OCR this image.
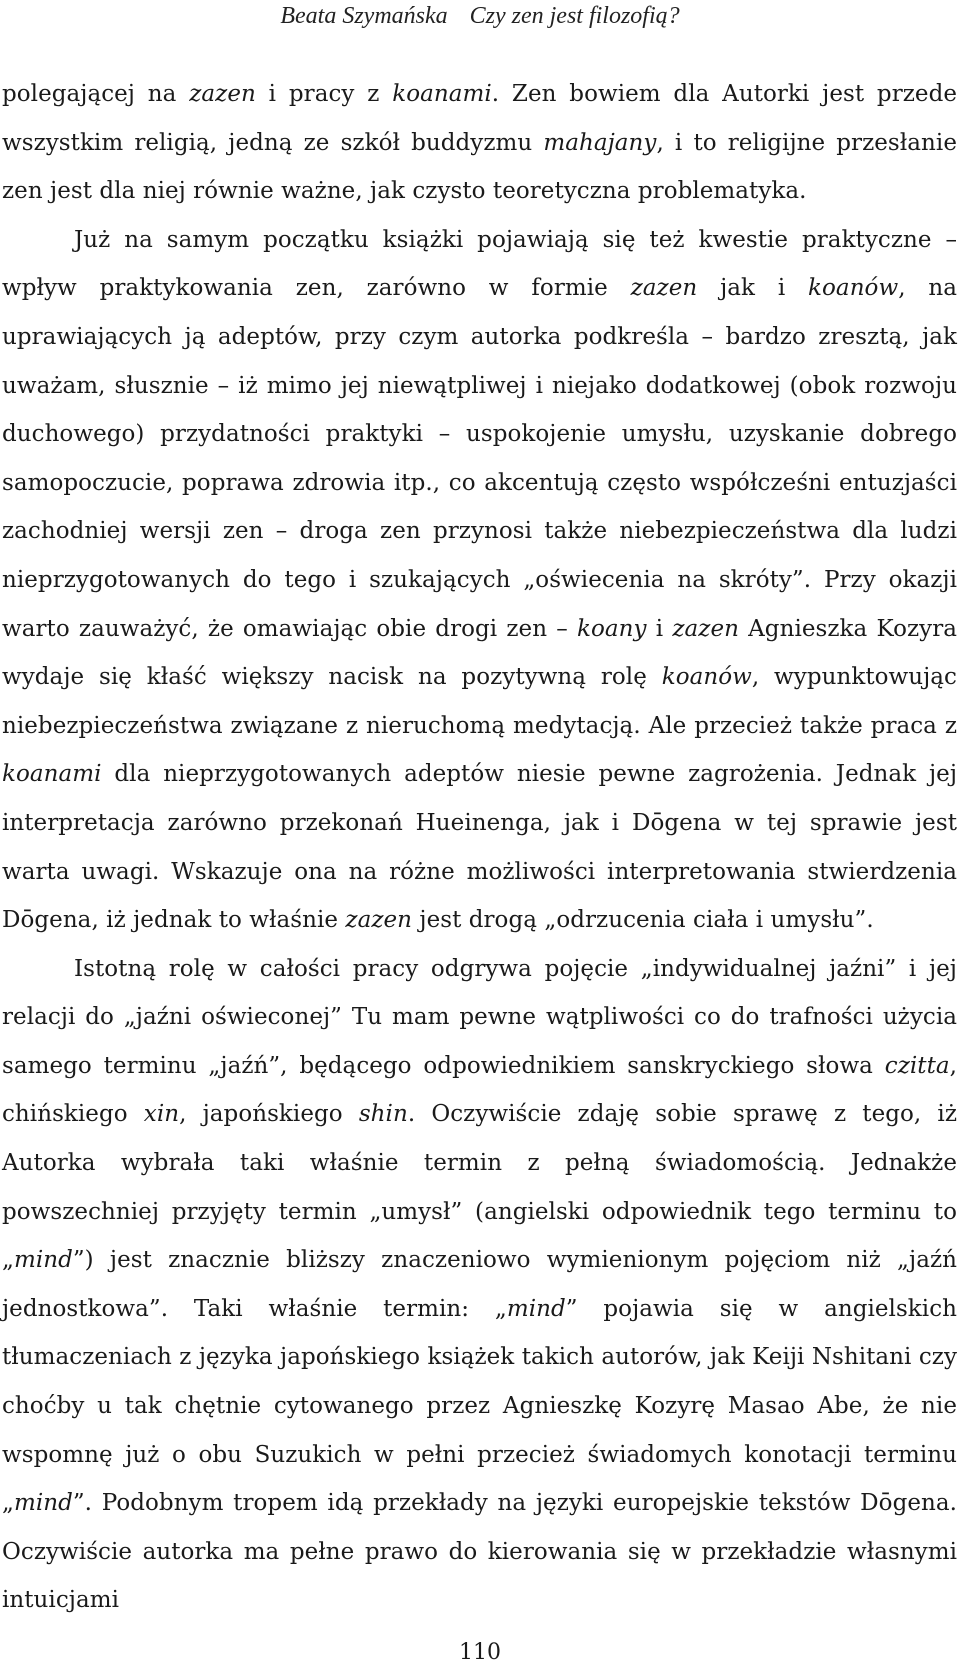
Beata Szymańska Czy zen jest filozofią?

polegającej na zazen i pracy z koanami. Zen bowiem dla Autorki jest przede wszystkim religią, jedną ze szkół buddyzmu mahajany, i to religijne przesłanie zen jest dla niej równie ważne, jak czysto teoretyczna problematyka.

Już na samym początku książki pojawiają się też kwestie praktyczne – wpływ praktykowania zen, zarówno w formie zazen jak i koanów, na uprawiających ją adeptów, przy czym autorka podkreśla – bardzo zresztą, jak uważam, słusznie – iż mimo jej niewątpliwej i niejako dodatkowej (obok rozwoju duchowego) przydatności praktyki – uspokojenie umysłu, uzyskanie dobrego samopoczucie, poprawa zdrowia itp., co akcentują często współcześni entuzjaści zachodniej wersji zen – droga zen przynosi także niebezpieczeństwa dla ludzi nieprzygotowanych do tego i szukających „oświecenia na skróty”. Przy okazji warto zauważyć, że omawiając obie drogi zen – koany i zazen Agnieszka Kozyra wydaje się kłaść większy nacisk na pozytywną rolę koanów, wypunktowując niebezpieczeństwa związane z nieruchomą medytacją. Ale przecież także praca z koanami dla nieprzygotowanych adeptów niesie pewne zagrożenia. Jednak jej interpretacja zarówno przekonań Hueinenga, jak i Dōgena w tej sprawie jest warta uwagi. Wskazuje ona na różne możliwości interpretowania stwierdzenia Dōgena, iż jednak to właśnie zazen jest drogą „odrzucenia ciała i umysłu”.

Istotną rolę w całości pracy odgrywa pojęcie „indywidualnej jaźni” i jej relacji do „jaźni oświeconej” Tu mam pewne wątpliwości co do trafności użycia samego terminu „jaźń”, będącego odpowiednikiem sanskryckiego słowa czitta, chińskiego xin, japońskiego shin. Oczywiście zdaję sobie sprawę z tego, iż Autorka wybrała taki właśnie termin z pełną świadomością. Jednakże powszechniej przyjęty termin „umysł” (angielski odpowiednik tego terminu to „mind”) jest znacznie bliższy znaczeniowo wymienionym pojęciom niż „jaźń jednostkowa”. Taki właśnie termin: „mind” pojawia się w angielskich tłumaczeniach z języka japońskiego książek takich autorów, jak Keiji Nshitani czy choćby u tak chętnie cytowanego przez Agnieszkę Kozyrę Masao Abe, że nie wspomnę już o obu Suzukich w pełni przecież świadomych konotacji terminu „mind”. Podobnym tropem idą przekłady na języki europejskie tekstów Dōgena. Oczywiście autorka ma pełne prawo do kierowania się w przekładzie własnymi intuicjami

110
